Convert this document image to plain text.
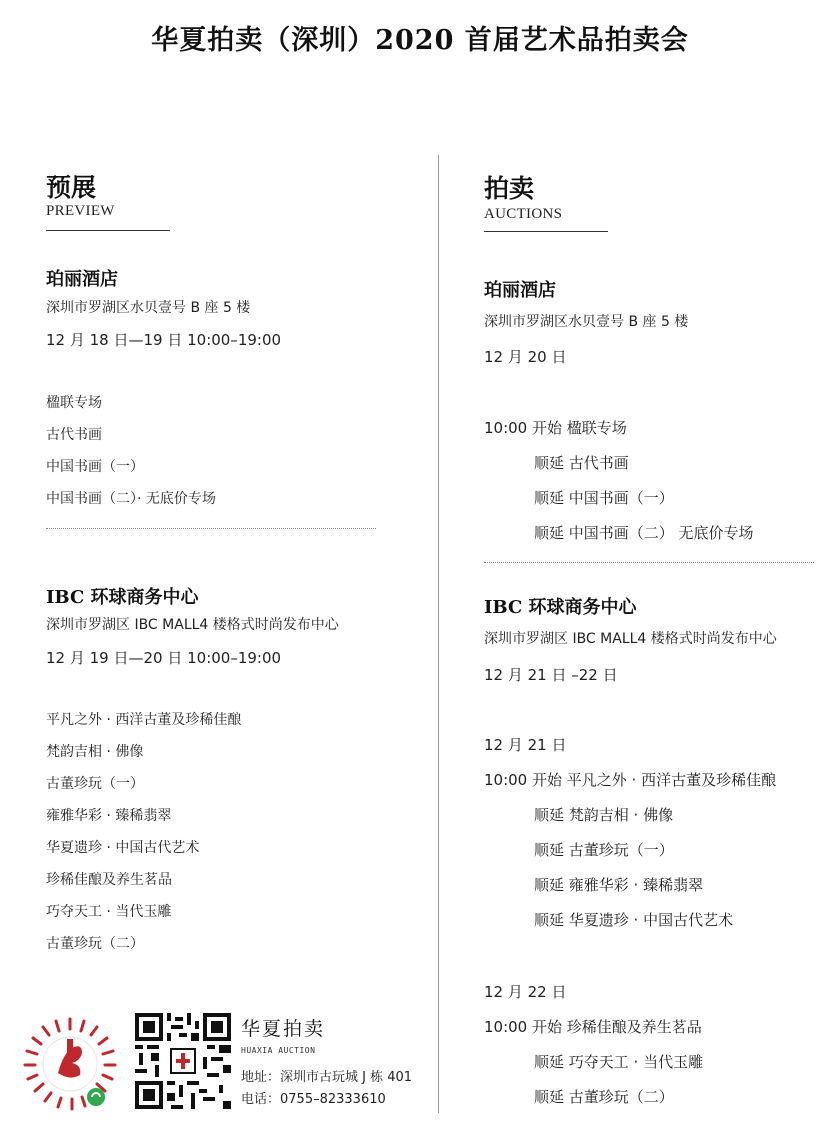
华夏拍卖（深圳）2020 首届艺术品拍卖会
预展
PREVIEW
珀丽酒店
深圳市罗湖区水贝壹号 B 座 5 楼
12 月 18 日—19 日 10:00–19:00
楹联专场
古代书画
中国书画（一）
中国书画（二）· 无底价专场
IBC 环球商务中心
深圳市罗湖区 IBC MALL4 楼格式时尚发布中心
12 月 19 日—20 日 10:00–19:00
平凡之外 · 西洋古董及珍稀佳酿
梵韵吉相 · 佛像
古董珍玩（一）
雍雅华彩 · 臻稀翡翠
华夏遗珍 · 中国古代艺术
珍稀佳酿及养生茗品
巧夺天工 · 当代玉雕
古董珍玩（二）
拍卖
AUCTIONS
珀丽酒店
深圳市罗湖区水贝壹号 B 座 5 楼
12 月 20 日
10:00 开始 楹联专场
顺延 古代书画
顺延 中国书画（一）
顺延 中国书画（二） 无底价专场
IBC 环球商务中心
深圳市罗湖区 IBC MALL4 楼格式时尚发布中心
12 月 21 日 –22 日
12 月 21 日
10:00 开始 平凡之外 · 西洋古董及珍稀佳酿
顺延 梵韵吉相 · 佛像
顺延 古董珍玩（一）
顺延 雍雅华彩 · 臻稀翡翠
顺延 华夏遗珍 · 中国古代艺术
12 月 22 日
10:00 开始 珍稀佳酿及养生茗品
顺延 巧夺天工 · 当代玉雕
顺延 古董珍玩（二）
华夏拍卖
HUAXIA AUCTION
地址：深圳市古玩城 J 栋 401
电话：0755–82333610
